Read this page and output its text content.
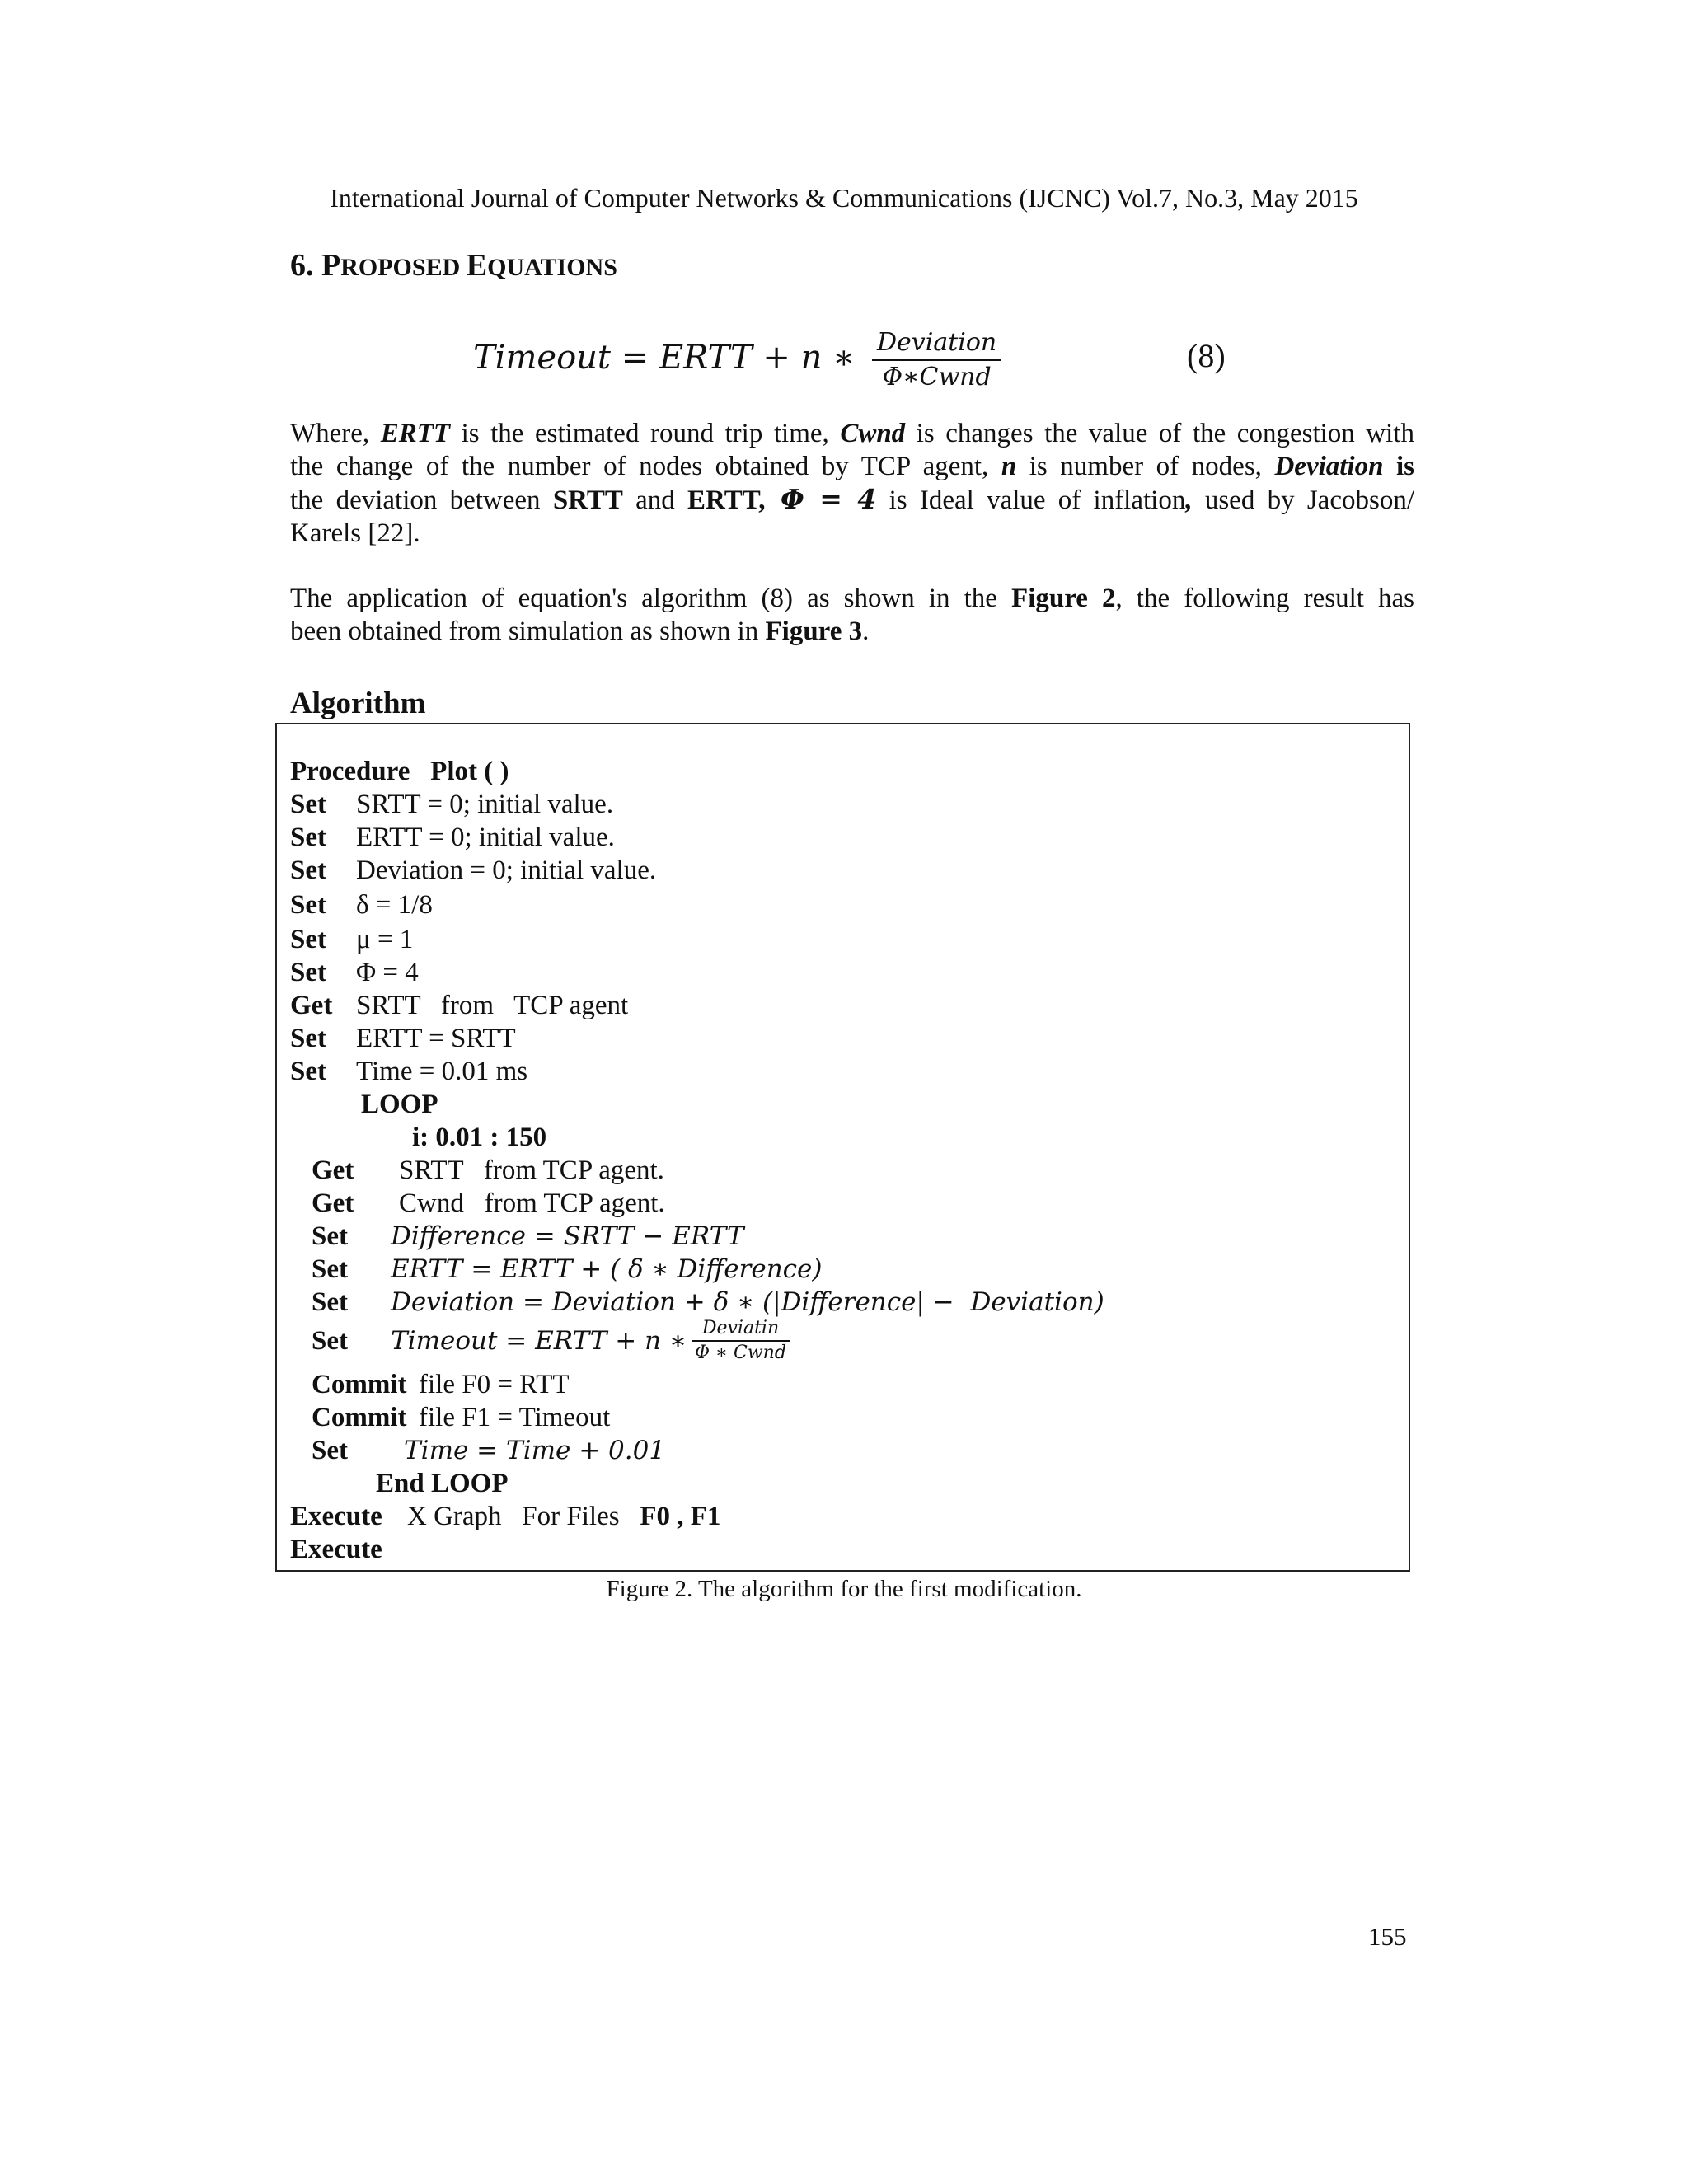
International Journal of Computer Networks & Communications (IJCNC) Vol.7, No.3, May 2015
6. PROPOSED EQUATIONS
Timeout = ERTT + n ∗ $\frac{\text{Deviation}}{\text{Φ∗Cwnd}}$	(8)
Where, ERTT is the estimated round trip time, Cwnd is changes the value of the congestion with
the change of the number of nodes obtained by TCP agent, n is number of nodes, Deviation is
the deviation between SRTT and ERTT, Φ = 4 is Ideal value of inflation, used by Jacobson/
Karels [22].
The application of equation's algorithm (8) as shown in the Figure 2, the following result has
been obtained from simulation as shown in Figure 3.
Algorithm
Procedure Plot ( )
Set SRTT = 0; initial value.
Set ERTT = 0; initial value.
Set Deviation = 0; initial value.
Set δ = 1/8
Set μ = 1
Set Φ = 4
Get SRTT   from   TCP agent
Set ERTT = SRTT
Set Time = 0.01 ms
LOOP
i: 0.01 : 150
Get SRTT   from TCP agent.
Get Cwnd   from TCP agent.
Set Difference = SRTT − ERTT
Set ERTT = ERTT + ( δ ∗ Difference)
Set Deviation = Deviation + δ ∗ (|Difference| −  Deviation)
Set Timeout = ERTT + n ∗ $\frac{\text{Deviatin}}{\text{Φ ∗ Cwnd}}$
Commit file F0 = RTT
Commit file F1 = Timeout
Set Time = Time + 0.01
End LOOP
Execute X Graph   For Files F0 , F1
Execute
Figure 2. The algorithm for the first modification.
155
